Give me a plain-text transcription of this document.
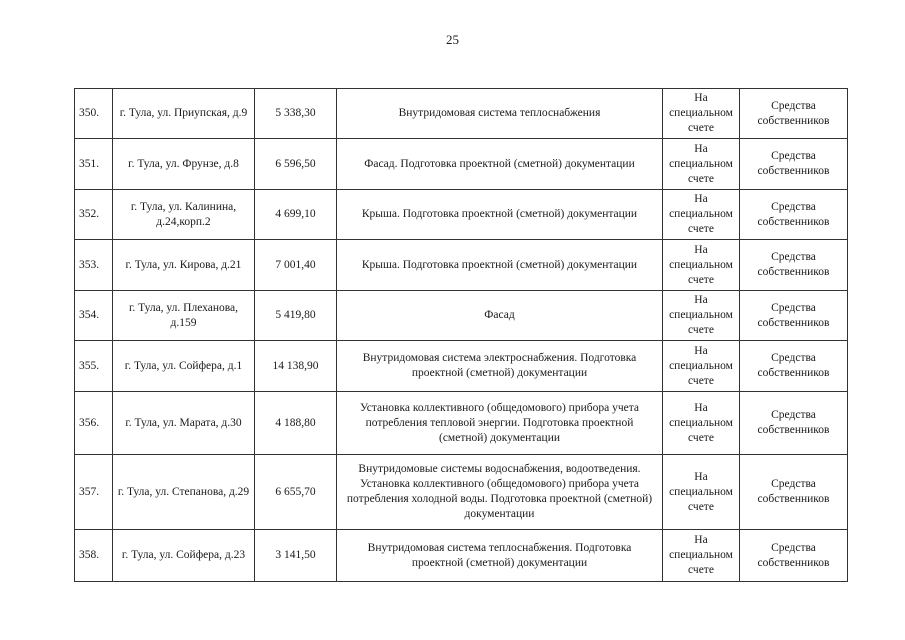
25
350.	г. Тула, ул. Приупская, д.9	5 338,30	Внутридомовая система теплоснабжения	На специальном счете	Средства собственников
351.	г. Тула, ул. Фрунзе, д.8	6 596,50	Фасад. Подготовка проектной (сметной) документации	На специальном счете	Средства собственников
352.	г. Тула, ул. Калинина, д.24,корп.2	4 699,10	Крыша. Подготовка проектной (сметной) документации	На специальном счете	Средства собственников
353.	г. Тула, ул. Кирова, д.21	7 001,40	Крыша. Подготовка проектной (сметной) документации	На специальном счете	Средства собственников
354.	г. Тула, ул. Плеханова, д.159	5 419,80	Фасад	На специальном счете	Средства собственников
355.	г. Тула, ул. Сойфера, д.1	14 138,90	Внутридомовая система электроснабжения. Подготовка проектной (сметной) документации	На специальном счете	Средства собственников
356.	г. Тула, ул. Марата, д.30	4 188,80	Установка коллективного (общедомового) прибора учета потребления тепловой энергии. Подготовка проектной (сметной) документации	На специальном счете	Средства собственников
357.	г. Тула, ул. Степанова, д.29	6 655,70	Внутридомовые системы водоснабжения, водоотведения. Установка коллективного (общедомового) прибора учета потребления холодной воды. Подготовка проектной (сметной) документации	На специальном счете	Средства собственников
358.	г. Тула, ул. Сойфера, д.23	3 141,50	Внутридомовая система теплоснабжения. Подготовка проектной (сметной) документации	На специальном счете	Средства собственников
